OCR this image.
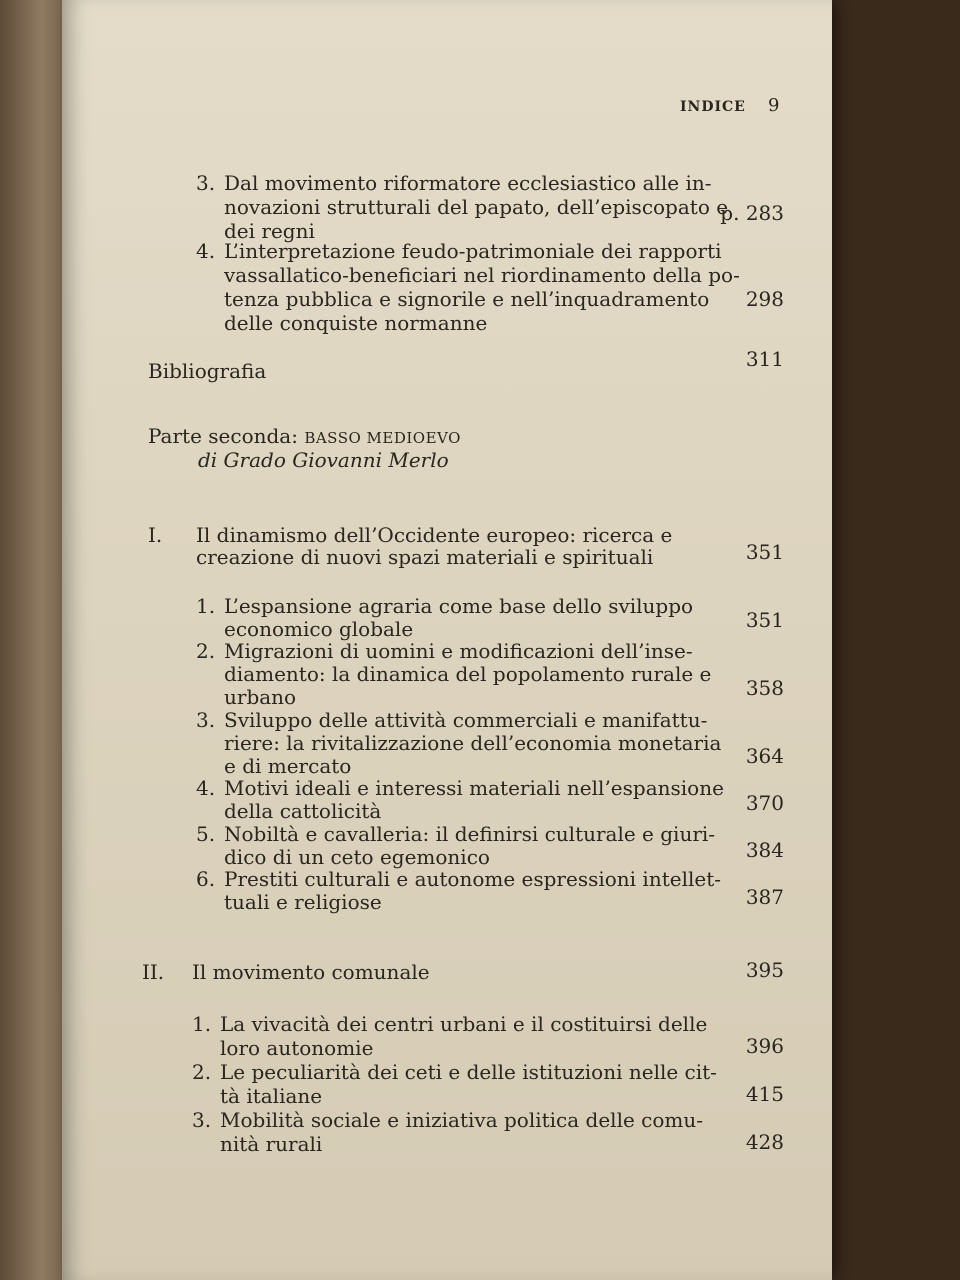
INDICE 9
3. Dal movimento riformatore ecclesiastico alle in-
novazioni strutturali del papato, dell’episcopato e
dei regni
p. 283
4. L’interpretazione feudo-patrimoniale dei rapporti
vassallatico-beneficiari nel riordinamento della po-
tenza pubblica e signorile e nell’inquadramento
delle conquiste normanne
298
Bibliografia	311
Parte seconda: BASSO MEDIOEVO
di Grado Giovanni Merlo
I. Il dinamismo dell’Occidente europeo: ricerca e
creazione di nuovi spazi materiali e spirituali	351
1. L’espansione agraria come base dello sviluppo
economico globale	351
2. Migrazioni di uomini e modificazioni dell’inse-
diamento: la dinamica del popolamento rurale e
urbano	358
3. Sviluppo delle attività commerciali e manifattu-
riere: la rivitalizzazione dell’economia monetaria
e di mercato	364
4. Motivi ideali e interessi materiali nell’espansione
della cattolicità	370
5. Nobiltà e cavalleria: il definirsi culturale e giuri-
dico di un ceto egemonico	384
6. Prestiti culturali e autonome espressioni intellet-
tuali e religiose	387
II. Il movimento comunale	395
1. La vivacità dei centri urbani e il costituirsi delle
loro autonomie	396
2. Le peculiarità dei ceti e delle istituzioni nelle cit-
tà italiane	415
3. Mobilità sociale e iniziativa politica delle comu-
nità rurali	428
